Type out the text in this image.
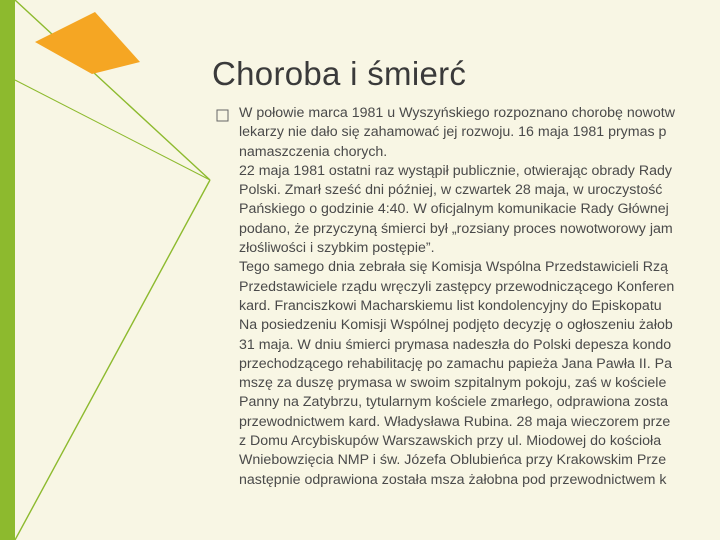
Choroba i śmierć
W połowie marca 1981 u Wyszyńskiego rozpoznano chorobę nowotw
lekarzy nie dało się zahamować jej rozwoju. 16 maja 1981 prymas p
namaszczenia chorych.
22 maja 1981 ostatni raz wystąpił publicznie, otwierając obrady Rady
Polski. Zmarł sześć dni później, w czwartek 28 maja, w uroczystość
Pańskiego o godzinie 4:40. W oficjalnym komunikacie Rady Głównej
podano, że przyczyną śmierci był „rozsiany proces nowotworowy jam
złośliwości i szybkim postępie”.
Tego samego dnia zebrała się Komisja Wspólna Przedstawicieli Rzą
Przedstawiciele rządu wręczyli zastępcy przewodniczącego Konferen
kard. Franciszkowi Macharskiemu list kondolencyjny do Episkopatu
Na posiedzeniu Komisji Wspólnej podjęto decyzję o ogłoszeniu żałob
31 maja. W dniu śmierci prymasa nadeszła do Polski depesza kondo
przechodzącego rehabilitację po zamachu papieża Jana Pawła II. Pa
mszę za duszę prymasa w swoim szpitalnym pokoju, zaś w kościele
Panny na Zatybrzu, tytularnym kościele zmarłego, odprawiona zosta
przewodnictwem kard. Władysława Rubina. 28 maja wieczorem prze
z Domu Arcybiskupów Warszawskich przy ul. Miodowej do kościoła
Wniebowzięcia NMP i św. Józefa Oblubieńca przy Krakowskim Prze
następnie odprawiona została msza żałobna pod przewodnictwem k
